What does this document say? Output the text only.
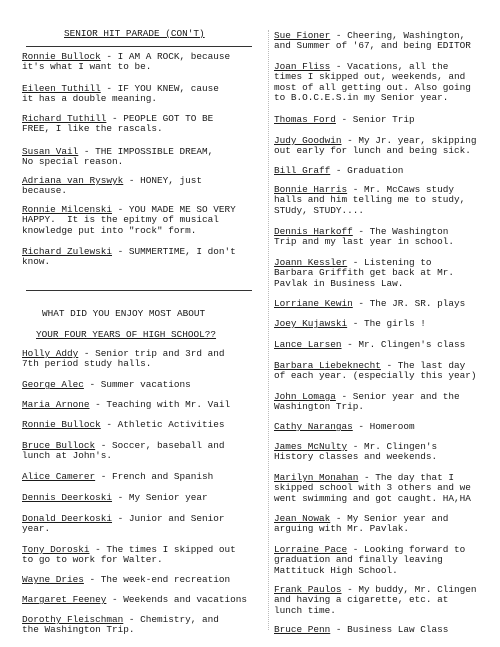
SENIOR HIT PARADE (CON'T)
Ronnie Bullock - I AM A ROCK, because
it's what I want to be.
Eileen Tuthill - IF YOU KNEW, cause
it has a double meaning.
Richard Tuthill - PEOPLE GOT TO BE
FREE, I like the rascals.
Susan Vail - THE IMPOSSIBLE DREAM,
No special reason.
Adriana van Ryswyk - HONEY, just
because.
Ronnie Milcenski - YOU MADE ME SO VERY
HAPPY.  It is the epitmy of musical
knowledge put into "rock" form.
Richard Zulewski - SUMMERTIME, I don't
know.
WHAT DID YOU ENJOY MOST ABOUT
YOUR FOUR YEARS OF HIGH SCHOOL??
Holly Addy - Senior trip and 3rd and
7th period study halls.
George Alec - Summer vacations
Maria Arnone - Teaching with Mr. Vail
Ronnie Bullock - Athletic Activities
Bruce Bullock - Soccer, baseball and
lunch at John's.
Alice Camerer - French and Spanish
Dennis Deerkoski - My Senior year
Donald Deerkoski - Junior and Senior
year.
Tony Doroski - The times I skipped out
to go to work for Walter.
Wayne Dries - The week-end recreation
Margaret Feeney - Weekends and vacations
Dorothy Fleischman - Chemistry, and
the Washington Trip.
Sue Fioner - Cheering, Washington,
and Summer of '67, and being EDITOR
Joan Fliss - Vacations, all the
times I skipped out, weekends, and
most of all getting out. Also going
to B.O.C.E.S.in my Senior year.
Thomas Ford - Senior Trip
Judy Goodwin - My Jr. year, skipping
out early for lunch and being sick.
Bill Graff - Graduation
Bonnie Harris - Mr. McCaws study
halls and him telling me to study,
STUdy, STUDY....
Dennis Harkoff - The Washington
Trip and my last year in school.
Joann Kessler - Listening to
Barbara Griffith get back at Mr.
Pavlak in Business Law.
Lorriane Kewin - The JR. SR. plays
Joey Kujawski - The girls !
Lance Larsen - Mr. Clingen's class
Barbara Liebeknecht - The last day
of each year. (especially this year)
John Lomaga - Senior year and the
Washington Trip.
Cathy Narangas - Homeroom
James McNulty - Mr. Clingen's
History classes and weekends.
Marilyn Monahan - The day that I
skipped school with 3 others and we
went swimming and got caught. HA,HA
Jean Nowak - My Senior year and
arguing with Mr. Pavlak.
Lorraine Pace - Looking forward to
graduation and finally leaving
Mattituck High School.
Frank Paulos - My buddy, Mr. Clingen
and having a cigarette, etc. at
lunch time.
Bruce Penn - Business Law Class
